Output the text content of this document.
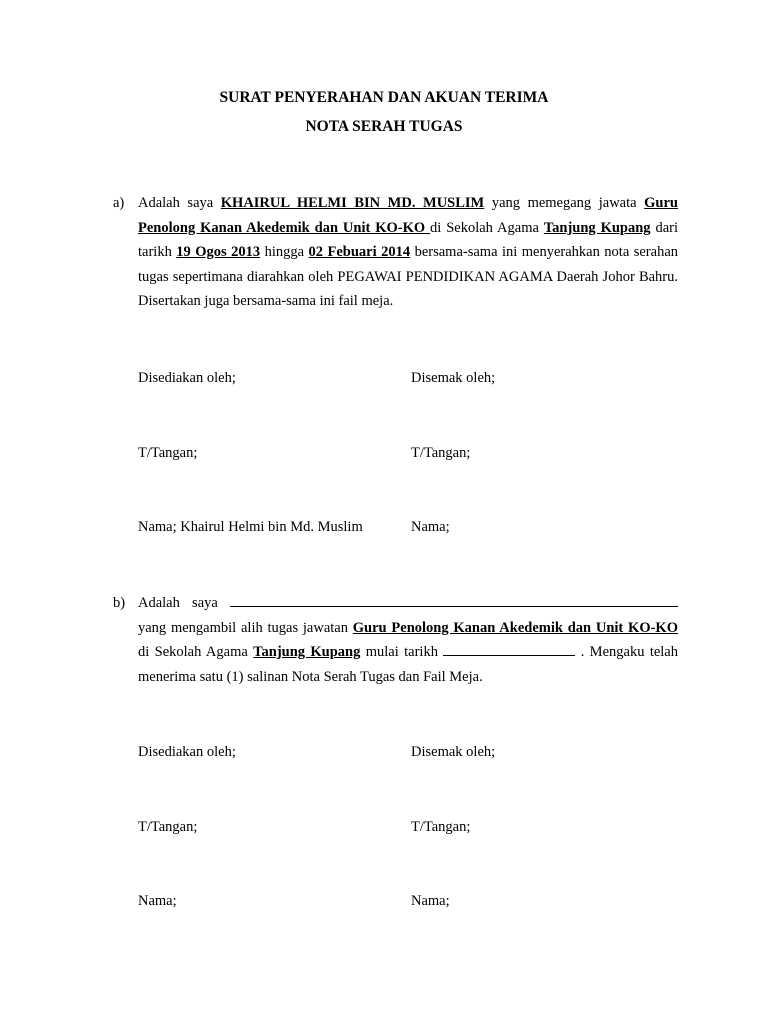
SURAT PENYERAHAN DAN AKUAN TERIMA
NOTA SERAH TUGAS
a) Adalah saya KHAIRUL HELMI BIN MD. MUSLIM yang memegang jawata Guru Penolong Kanan Akedemik dan Unit KO-KO di Sekolah Agama Tanjung Kupang dari tarikh 19 Ogos 2013 hingga 02 Febuari 2014 bersama-sama ini menyerahkan nota serahan tugas sepertimana diarahkan oleh PEGAWAI PENDIDIKAN AGAMA Daerah Johor Bahru. Disertakan juga bersama-sama ini fail meja.
Disediakan oleh;	Disemak oleh;
T/Tangan;	T/Tangan;
Nama; Khairul Helmi bin Md. Muslim	Nama;
b) Adalah saya  yang mengambil alih tugas jawatan Guru Penolong Kanan Akedemik dan Unit KO-KO di Sekolah Agama Tanjung Kupang mulai tarikh	. Mengaku telah menerima satu (1) salinan Nota Serah Tugas dan Fail Meja.
Disediakan oleh;	Disemak oleh;
T/Tangan;	T/Tangan;
Nama;	Nama;
